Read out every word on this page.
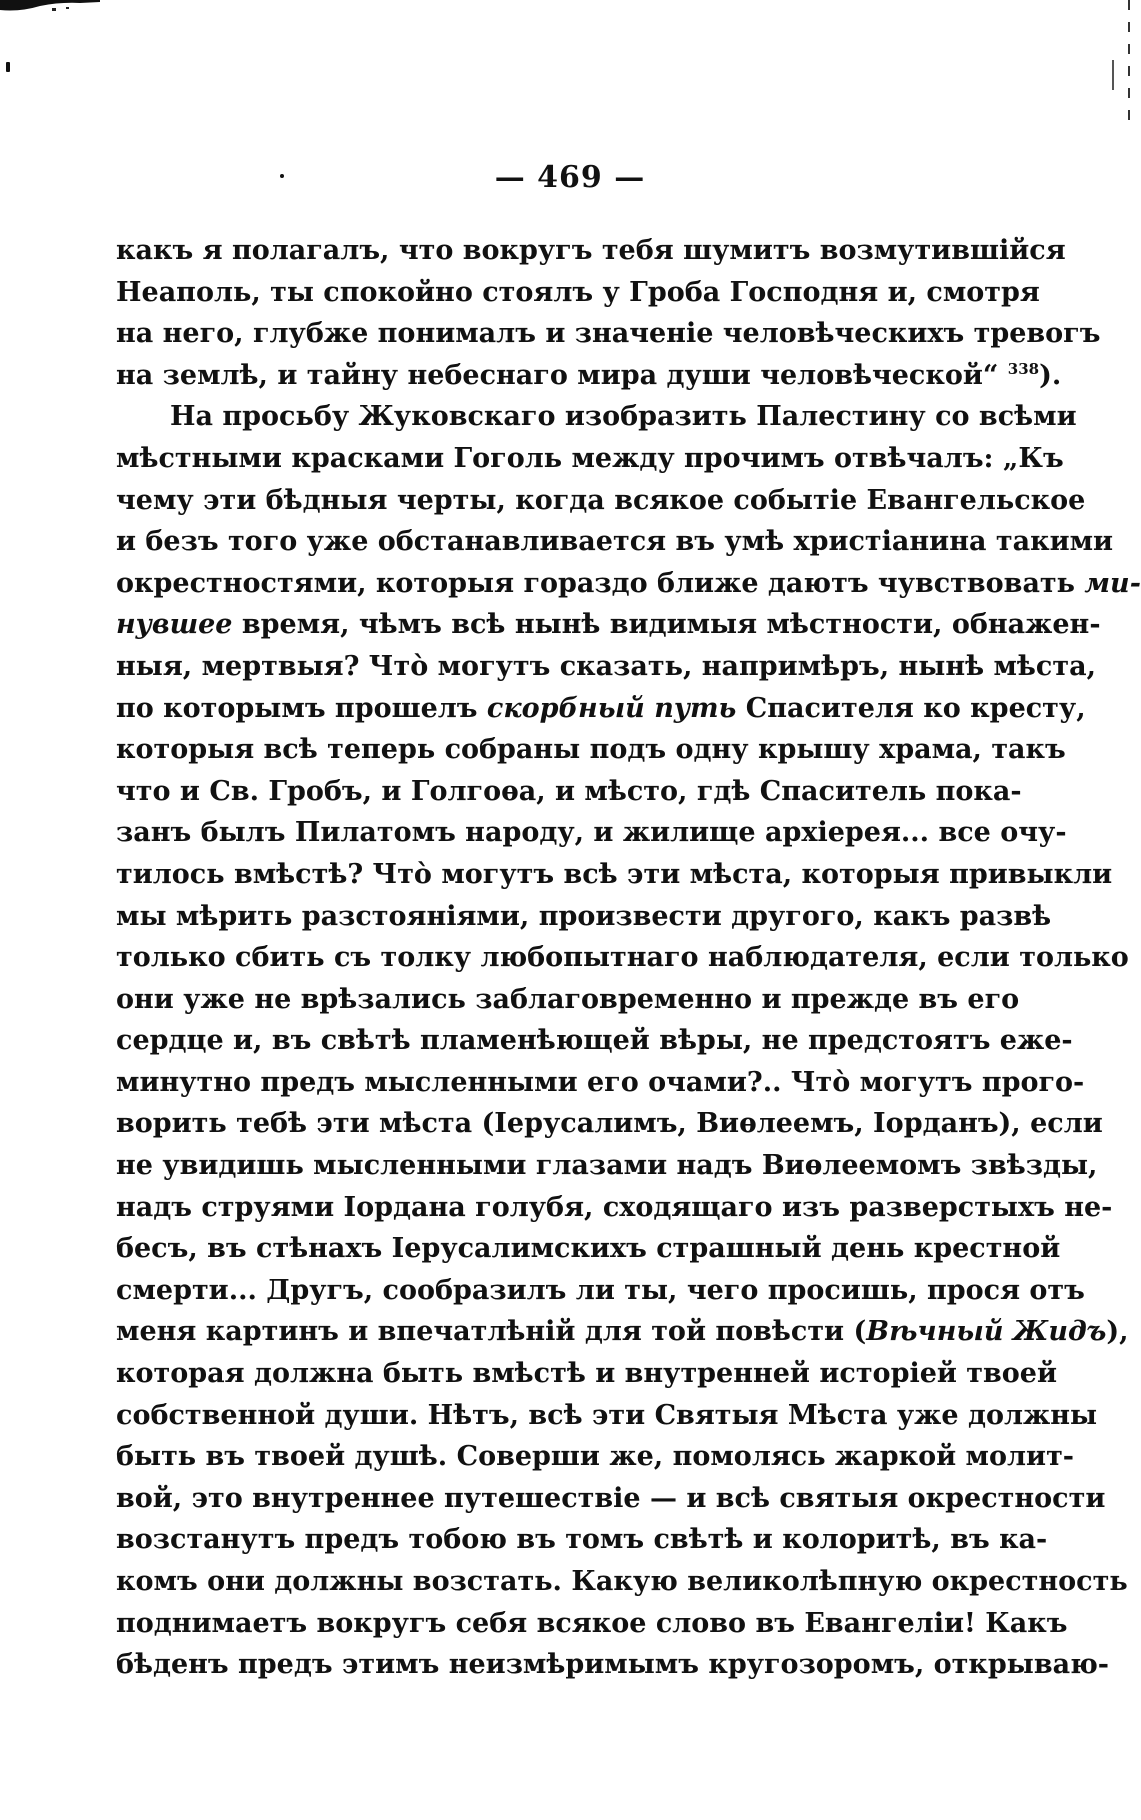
— 469 —
какъ я полагалъ, что вокругъ тебя шумитъ возмутившійся
Неаполь, ты спокойно стоялъ у Гроба Господня и, смотря
на него, глубже понималъ и значеніе человѣческихъ тревогъ
на землѣ, и тайну небеснаго мира души человѣческой“ $^{338}$).
На просьбу Жуковскаго изобразить Палестину со всѣми
мѣстными красками Гоголь между прочимъ отвѣчалъ: „Къ
чему эти бѣдныя черты, когда всякое событіе Евангельское
и безъ того уже обстанавливается въ умѣ христіанина такими
окрестностями, которыя гораздо ближе даютъ чувствовать ми-
нувшее время, чѣмъ всѣ нынѣ видимыя мѣстности, обнажен-
ныя, мертвыя? Чтò могутъ сказать, напримѣръ, нынѣ мѣста,
по которымъ прошелъ скорбный путь Спасителя ко кресту,
которыя всѣ теперь собраны подъ одну крышу храма, такъ
что и Св. Гробъ, и Голгоѳа, и мѣсто, гдѣ Спаситель пока-
занъ былъ Пилатомъ народу, и жилище архіерея... все очу-
тилось вмѣстѣ? Чтò могутъ всѣ эти мѣста, которыя привыкли
мы мѣрить разстояніями, произвести другого, какъ развѣ
только сбить съ толку любопытнаго наблюдателя, если только
они уже не врѣзались заблаговременно и прежде въ его
сердце и, въ свѣтѣ пламенѣющей вѣры, не предстоятъ еже-
минутно предъ мысленными его очами?.. Чтò могутъ прого-
ворить тебѣ эти мѣста (Іерусалимъ, Виѳлеемъ, Іорданъ), если
не увидишь мысленными глазами надъ Виѳлеемомъ звѣзды,
надъ струями Іордана голубя, сходящаго изъ разверстыхъ не-
бесъ, въ стѣнахъ Іерусалимскихъ страшный день крестной
смерти... Другъ, сообразилъ ли ты, чего просишь, прося отъ
меня картинъ и впечатлѣній для той повѣсти (Вѣчный Жидъ),
которая должна быть вмѣстѣ и внутренней исторіей твоей
собственной души. Нѣтъ, всѣ эти Святыя Мѣста уже должны
быть въ твоей душѣ. Соверши же, помолясь жаркой молит-
вой, это внутреннее путешествіе — и всѣ святыя окрестности
возстанутъ предъ тобою въ томъ свѣтѣ и колоритѣ, въ ка-
комъ они должны возстать. Какую великолѣпную окрестность
поднимаетъ вокругъ себя всякое слово въ Евангеліи! Какъ
бѣденъ предъ этимъ неизмѣримымъ кругозоромъ, открываю-
